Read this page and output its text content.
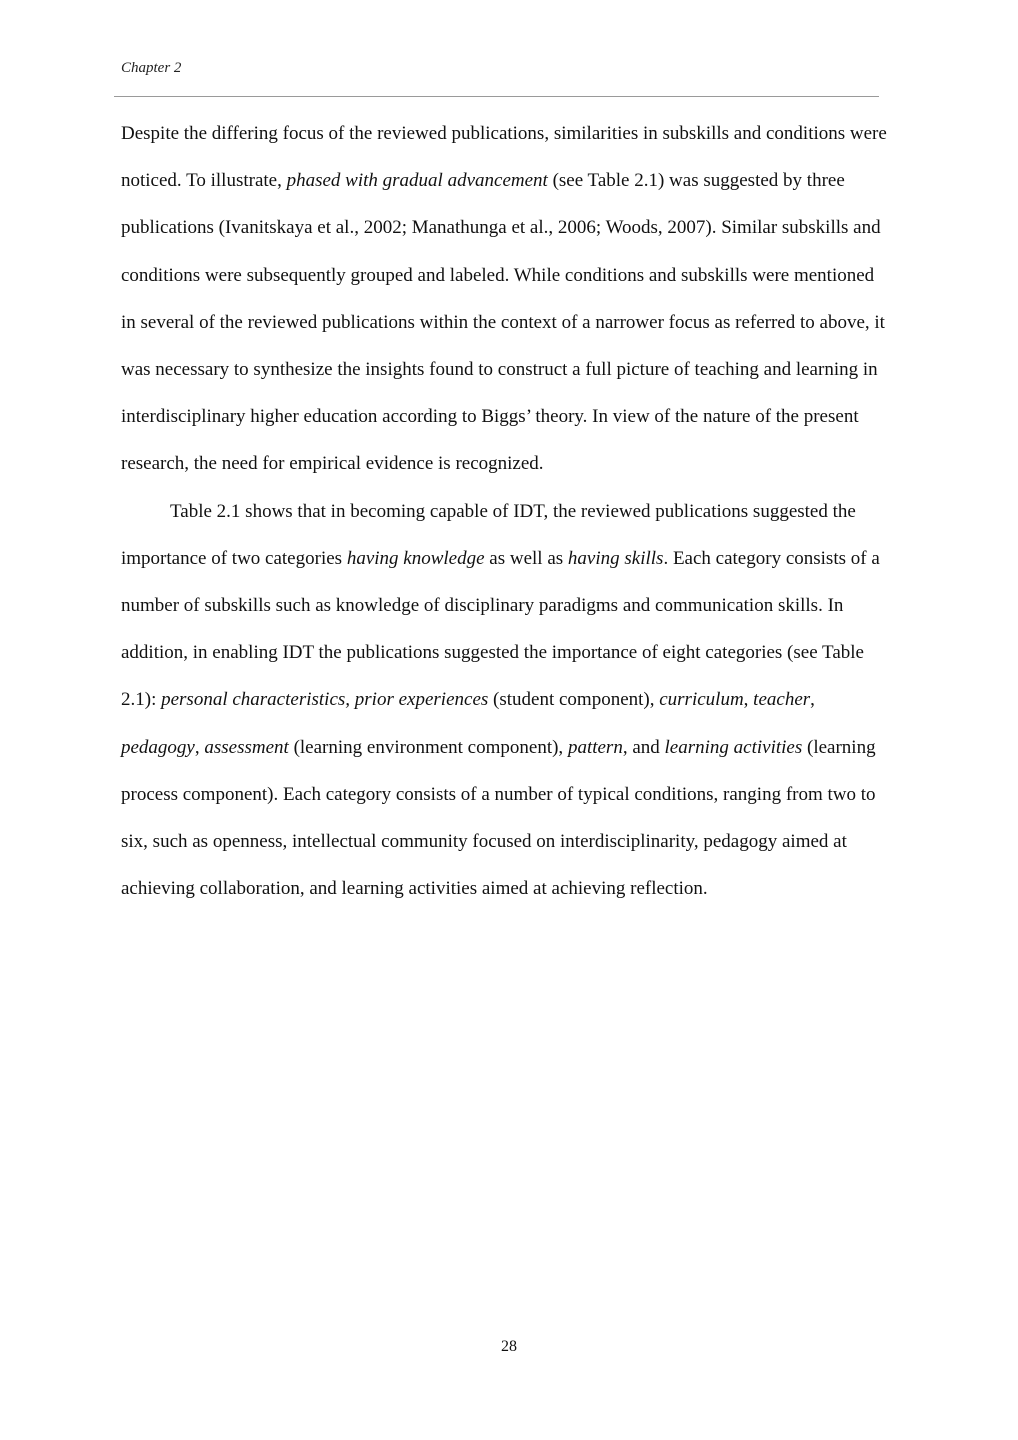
Chapter 2

Despite the differing focus of the reviewed publications, similarities in subskills and conditions were noticed. To illustrate, phased with gradual advancement (see Table 2.1) was suggested by three publications (Ivanitskaya et al., 2002; Manathunga et al., 2006; Woods, 2007). Similar subskills and conditions were subsequently grouped and labeled. While conditions and subskills were mentioned in several of the reviewed publications within the context of a narrower focus as referred to above, it was necessary to synthesize the insights found to construct a full picture of teaching and learning in interdisciplinary higher education according to Biggs’ theory. In view of the nature of the present research, the need for empirical evidence is recognized.

Table 2.1 shows that in becoming capable of IDT, the reviewed publications suggested the importance of two categories having knowledge as well as having skills. Each category consists of a number of subskills such as knowledge of disciplinary paradigms and communication skills. In addition, in enabling IDT the publications suggested the importance of eight categories (see Table 2.1): personal characteristics, prior experiences (student component), curriculum, teacher, pedagogy, assessment (learning environment component), pattern, and learning activities (learning process component). Each category consists of a number of typical conditions, ranging from two to six, such as openness, intellectual community focused on interdisciplinarity, pedagogy aimed at achieving collaboration, and learning activities aimed at achieving reflection.

28
